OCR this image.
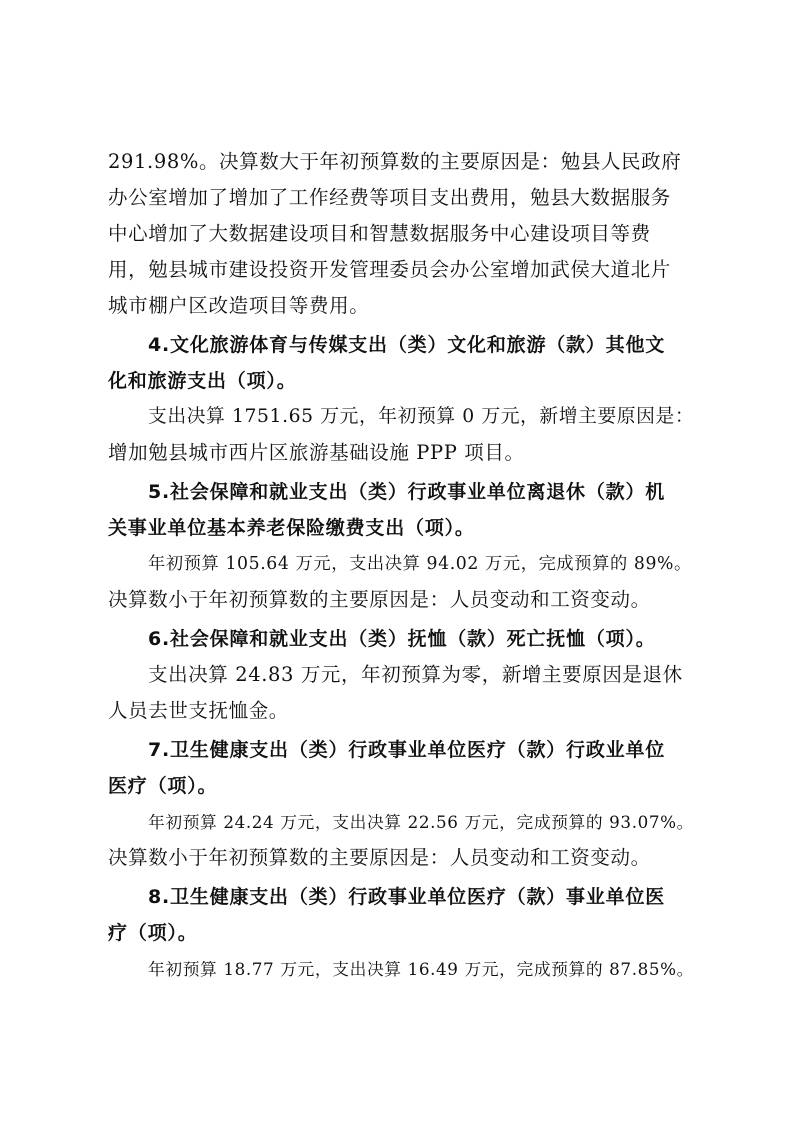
291.98%。决算数大于年初预算数的主要原因是：勉县人民政府
办公室增加了增加了工作经费等项目支出费用，勉县大数据服务
中心增加了大数据建设项目和智慧数据服务中心建设项目等费
用，勉县城市建设投资开发管理委员会办公室增加武侯大道北片
城市棚户区改造项目等费用。
4.文化旅游体育与传媒支出（类）文化和旅游（款）其他文
化和旅游支出（项）。
支出决算 1751.65 万元，年初预算 0 万元，新增主要原因是：
增加勉县城市西片区旅游基础设施 PPP 项目。
5.社会保障和就业支出（类）行政事业单位离退休（款）机
关事业单位基本养老保险缴费支出（项）。
年初预算 105.64 万元，支出决算 94.02 万元，完成预算的 89%。
决算数小于年初预算数的主要原因是：人员变动和工资变动。
6.社会保障和就业支出（类）抚恤（款）死亡抚恤（项）。
支出决算 24.83 万元，年初预算为零，新增主要原因是退休
人员去世支抚恤金。
7.卫生健康支出（类）行政事业单位医疗（款）行政业单位
医疗（项）。
年初预算 24.24 万元，支出决算 22.56 万元，完成预算的 93.07%。
决算数小于年初预算数的主要原因是：人员变动和工资变动。
8.卫生健康支出（类）行政事业单位医疗（款）事业单位医
疗（项）。
年初预算 18.77 万元，支出决算 16.49 万元，完成预算的 87.85%。
